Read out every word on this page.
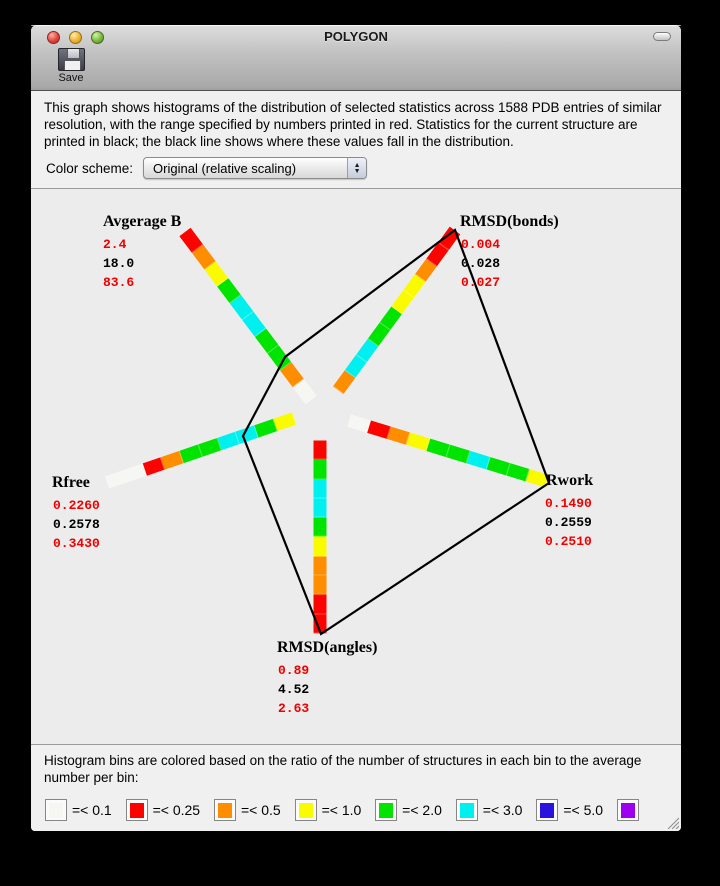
POLYGON
Save
This graph shows histograms of the distribution of selected statistics across 1588 PDB entries of similar resolution, with the range specified by numbers printed in red. Statistics for the current structure are printed in black; the black line shows where these values fall in the distribution.
Color scheme:	Original (relative scaling)	▲
▼
Avgerage B
2.4
18.0
83.6
RMSD(bonds)
0.004
0.028
0.027
Rwork
0.1490
0.2559
0.2510
RMSD(angles)
0.89
4.52
2.63
Rfree
0.2260
0.2578
0.3430
Histogram bins are colored based on the ratio of the number of structures in each bin to the average number per bin:
=< 0.1	=< 0.25	=< 0.5	=< 1.0	=< 2.0	=< 3.0	=< 5.0
